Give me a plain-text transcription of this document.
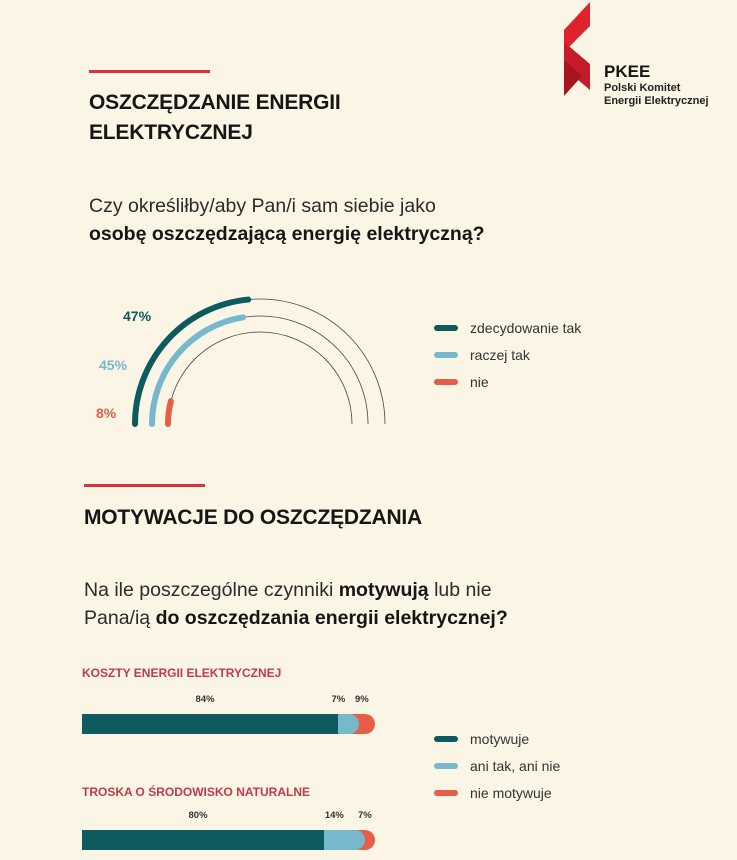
PKEE
Polski Komitet
Energii Elektrycznej
OSZCZĘDZANIE ENERGII
ELEKTRYCZNEJ
Czy określiłby/aby Pan/i sam siebie jako
osobę oszczędzającą energię elektryczną?
47%
45%
8%
zdecydowanie tak
raczej tak
nie
MOTYWACJE DO OSZCZĘDZANIA
Na ile poszczególne czynniki motywują lub nie
Pana/ią do oszczędzania energii elektrycznej?
KOSZTY ENERGII ELEKTRYCZNEJ
84%	7% 9%
TROSKA O ŚRODOWISKO NATURALNE
80%	14% 7%
motywuje
ani tak, ani nie
nie motywuje
